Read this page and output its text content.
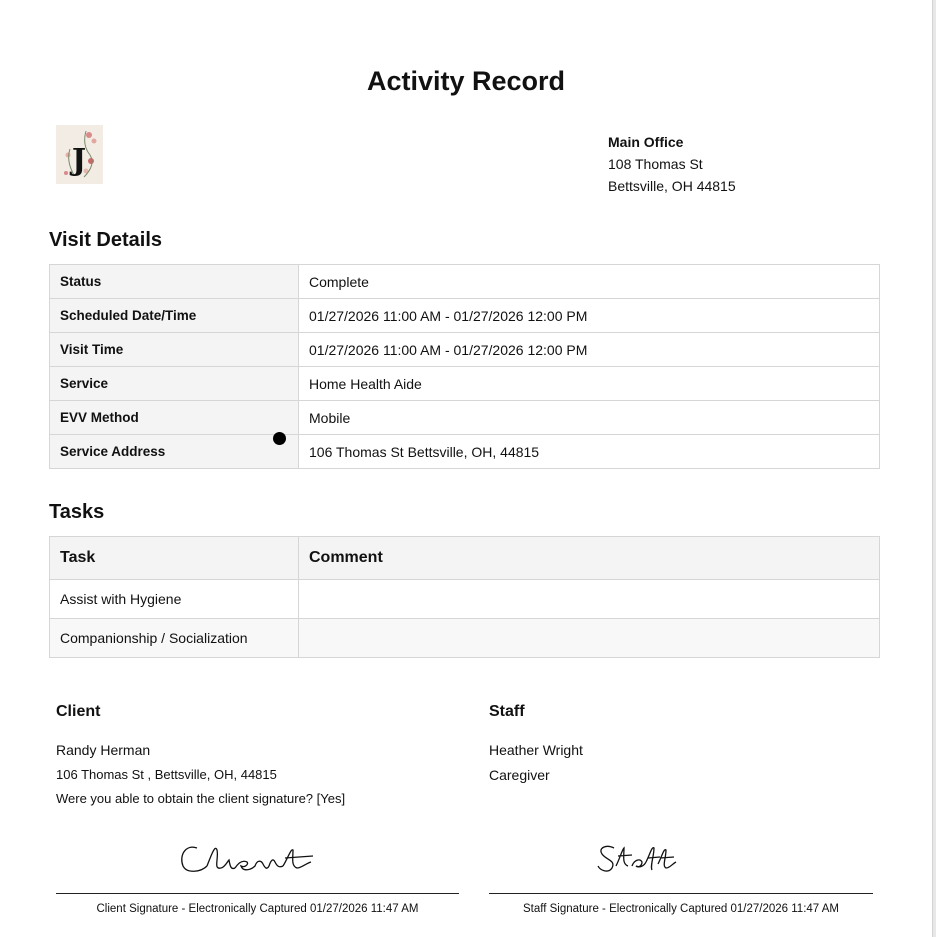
Activity Record
J
Main Office
108 Thomas St
Bettsville, OH 44815
Visit Details
Status	Complete
Scheduled Date/Time	01/27/2026 11:00 AM - 01/27/2026 12:00 PM
Visit Time	01/27/2026 11:00 AM - 01/27/2026 12:00 PM
Service	Home Health Aide
EVV Method	Mobile
Service Address	106 Thomas St Bettsville, OH, 44815
Tasks
Task	Comment
Assist with Hygiene	
Companionship / Socialization	
Client
Randy Herman
106 Thomas St , Bettsville, OH, 44815
Were you able to obtain the client signature? [Yes]
Staff
Heather Wright
Caregiver
Client Signature - Electronically Captured 01/27/2026 11:47 AM	Staff Signature - Electronically Captured 01/27/2026 11:47 AM
